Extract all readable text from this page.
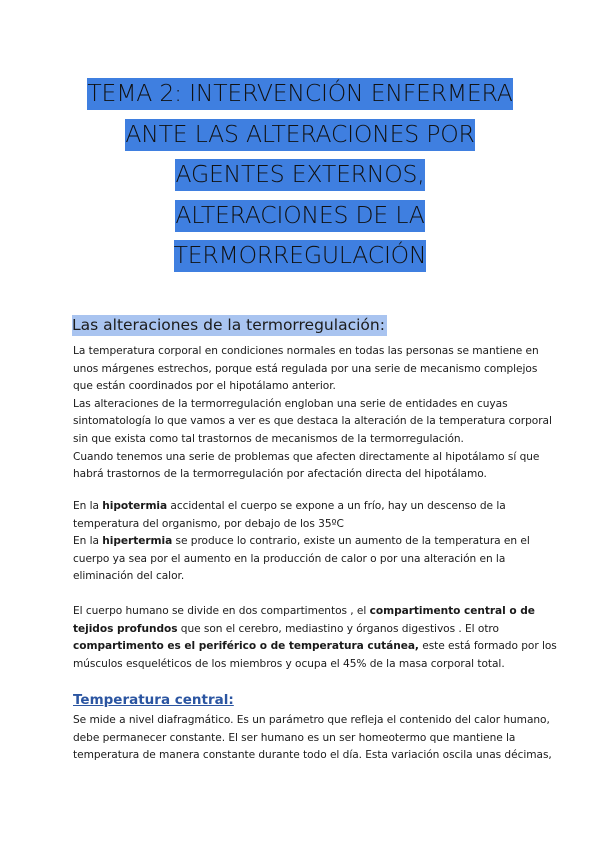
TEMA 2: INTERVENCIÓN ENFERMERA
ANTE LAS ALTERACIONES POR
AGENTES EXTERNOS,
ALTERACIONES DE LA
TERMORREGULACIÓN
Las alteraciones de la termorregulación:
La temperatura corporal en condiciones normales en todas las personas se mantiene en
unos márgenes estrechos, porque está regulada por una serie de mecanismo complejos
que están coordinados por el hipotálamo anterior.
Las alteraciones de la termorregulación engloban una serie de entidades en cuyas
sintomatología lo que vamos a ver es que destaca la alteración de la temperatura corporal
sin que exista como tal trastornos de mecanismos de la termorregulación.
Cuando tenemos una serie de problemas que afecten directamente al hipotálamo sí que
habrá trastornos de la termorregulación por afectación directa del hipotálamo.
En la hipotermia accidental el cuerpo se expone a un frío, hay un descenso de la
temperatura del organismo, por debajo de los 35ºC
En la hipertermia se produce lo contrario, existe un aumento de la temperatura en el
cuerpo ya sea por el aumento en la producción de calor o por una alteración en la
eliminación del calor.
El cuerpo humano se divide en dos compartimentos , el compartimento central o de
tejidos profundos que son el cerebro, mediastino y órganos digestivos . El otro
compartimento es el periférico o de temperatura cutánea, este está formado por los
músculos esqueléticos de los miembros y ocupa el 45% de la masa corporal total.
Temperatura central:
Se mide a nivel diafragmático. Es un parámetro que refleja el contenido del calor humano,
debe permanecer constante. El ser humano es un ser homeotermo que mantiene la
temperatura de manera constante durante todo el día. Esta variación oscila unas décimas,
